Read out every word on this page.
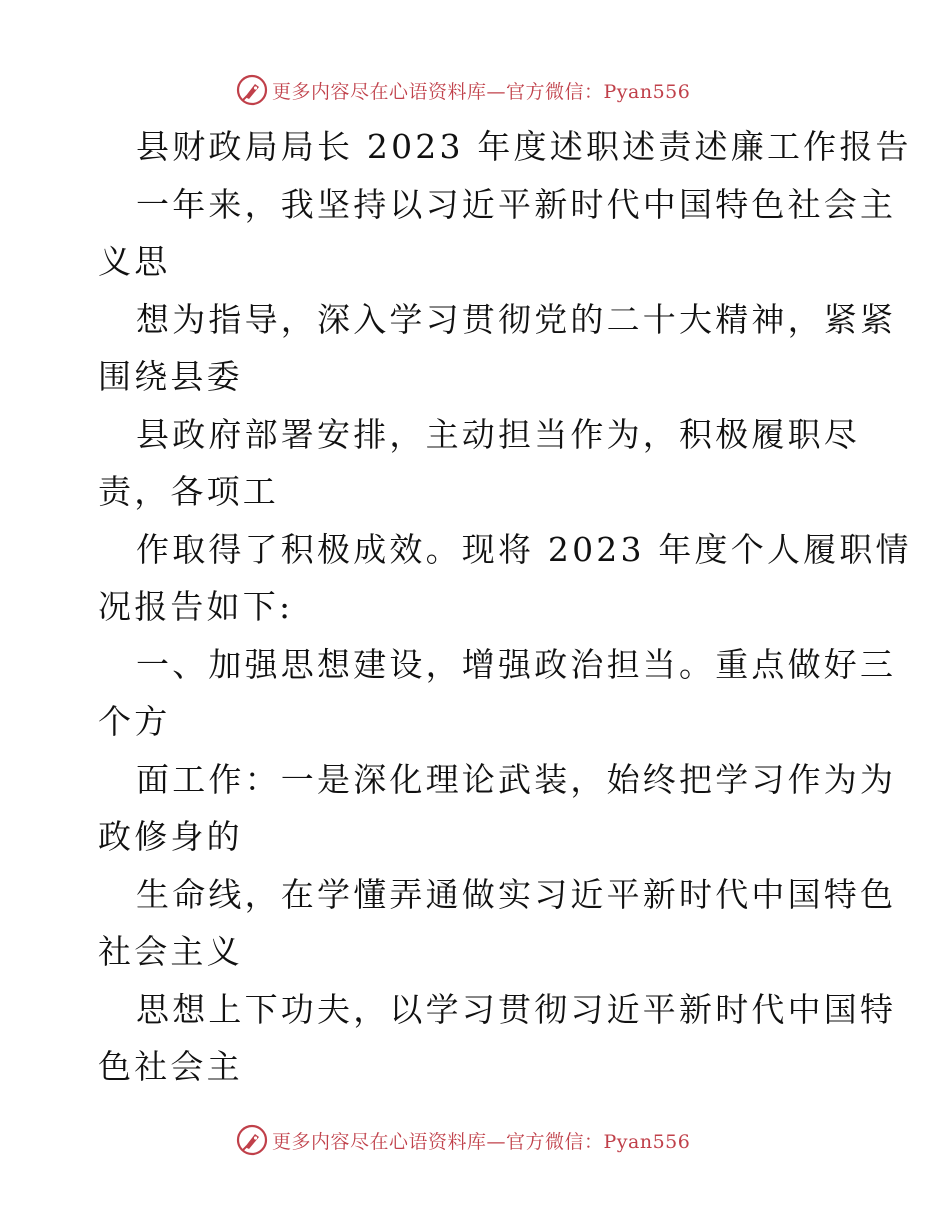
更多内容尽在心语资料库—官方微信：Pyan556
县财政局局长 2023 年度述职述责述廉工作报告
一年来，我坚持以习近平新时代中国特色社会主
义思
想为指导，深入学习贯彻党的二十大精神，紧紧
围绕县委
县政府部署安排，主动担当作为，积极履职尽
责，各项工
作取得了积极成效。现将 2023 年度个人履职情
况报告如下:
一、加强思想建设，增强政治担当。重点做好三
个方
面工作：一是深化理论武装，始终把学习作为为
政修身的
生命线，在学懂弄通做实习近平新时代中国特色
社会主义
思想上下功夫，以学习贯彻习近平新时代中国特
色社会主
更多内容尽在心语资料库—官方微信：Pyan556
